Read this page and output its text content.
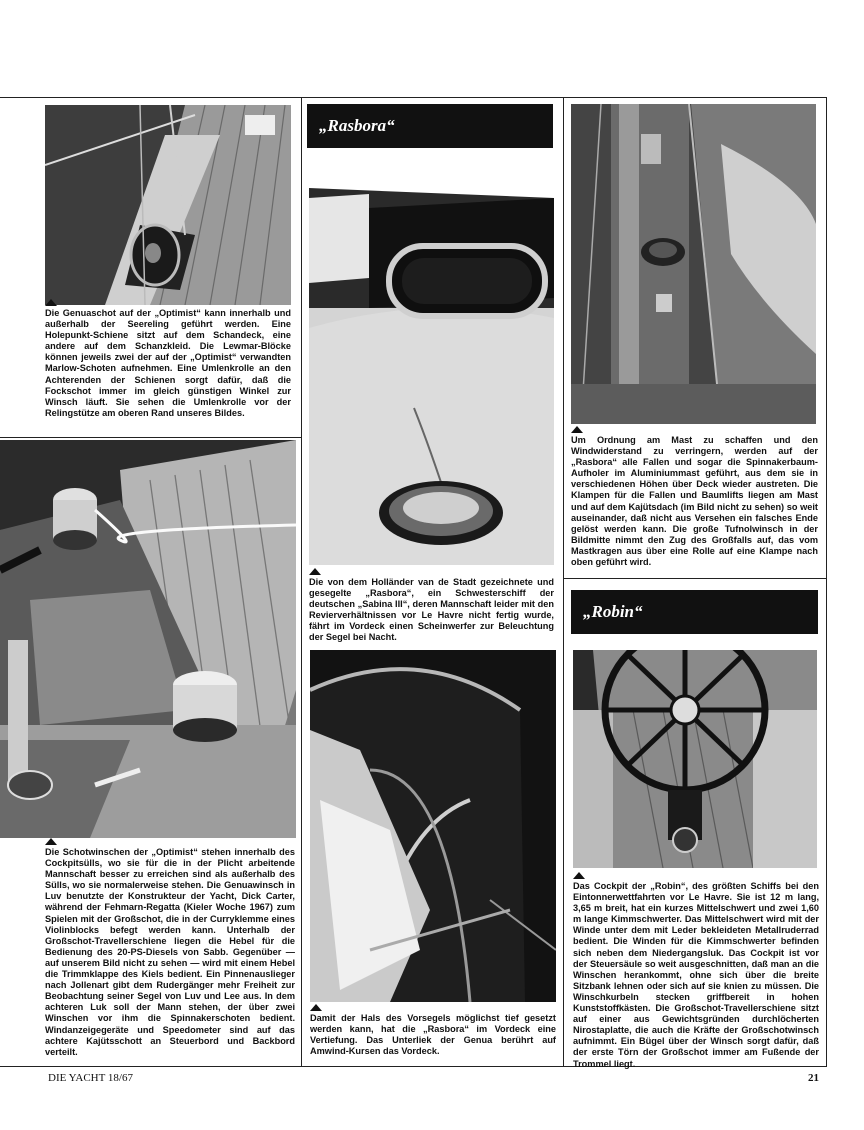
Die Genuaschot auf der „Optimist“ kann innerhalb und außerhalb der Seereling geführt werden. Eine Holepunkt-Schiene sitzt auf dem Schandeck, eine andere auf dem Schanzkleid. Die Lewmar-Blöcke können jeweils zwei der auf der „Optimist“ verwandten Marlow-Schoten aufnehmen. Eine Umlenkrolle an den Achterenden der Schienen sorgt dafür, daß die Fockschot immer im gleich günstigen Winkel zur Winsch läuft. Sie sehen die Umlenkrolle vor der Relingstütze am oberen Rand unseres Bildes.

Die Schotwinschen der „Optimist“ stehen innerhalb des Cockpitsülls, wo sie für die in der Plicht arbeitende Mannschaft besser zu erreichen sind als außerhalb des Sülls, wo sie normalerweise stehen. Die Genuawinsch in Luv benutzte der Konstrukteur der Yacht, Dick Carter, während der Fehmarn-Regatta (Kieler Woche 1967) zum Spielen mit der Großschot, die in der Curryklemme eines Violinblocks befegt werden kann. Unterhalb der Großschot-Travellerschiene liegen die Hebel für die Bedienung des 20-PS-Diesels von Sabb. Gegenüber — auf unserem Bild nicht zu sehen — wird mit einem Hebel die Trimmklappe des Kiels bedient. Ein Pinnenauslieger nach Jollenart gibt dem Rudergänger mehr Freiheit zur Beobachtung seiner Segel von Luv und Lee aus. In dem achteren Luk soll der Mann stehen, der über zwei Winschen vor ihm die Spinnakerschoten bedient. Windanzeigegeräte und Speedometer sind auf das achtere Kajütsschott an Steuerbord und Backbord verteilt.

„Rasbora“

Die von dem Holländer van de Stadt gezeichnete und gesegelte „Rasbora“, ein Schwesterschiff der deutschen „Sabina III“, deren Mannschaft leider mit den Revierverhältnissen vor Le Havre nicht fertig wurde, fährt im Vordeck einen Scheinwerfer zur Beleuchtung der Segel bei Nacht.

Damit der Hals des Vorsegels möglichst tief gesetzt werden kann, hat die „Rasbora“ im Vordeck eine Vertiefung. Das Unterliek der Genua berührt auf Amwind-Kursen das Vordeck.

Um Ordnung am Mast zu schaffen und den Windwiderstand zu verringern, werden auf der „Rasbora“ alle Fallen und sogar die Spinnakerbaum-Aufholer im Aluminiummast geführt, aus dem sie in verschiedenen Höhen über Deck wieder austreten. Die Klampen für die Fallen und Baumlifts liegen am Mast und auf dem Kajütsdach (im Bild nicht zu sehen) so weit auseinander, daß nicht aus Versehen ein falsches Ende gelöst werden kann. Die große Tufnolwinsch in der Bildmitte nimmt den Zug des Großfalls auf, das vom Mastkragen aus über eine Rolle auf eine Klampe nach oben geführt wird.

„Robin“

Das Cockpit der „Robin“, des größten Schiffs bei den Eintonnerwettfahrten vor Le Havre. Sie ist 12 m lang, 3,65 m breit, hat ein kurzes Mittelschwert und zwei 1,60 m lange Kimmschwerter. Das Mittelschwert wird mit der Winde unter dem mit Leder bekleideten Metallruderrad bedient. Die Winden für die Kimmschwerter befinden sich neben dem Niedergangsluk. Das Cockpit ist vor der Steuersäule so weit ausgeschnitten, daß man an die Winschen herankommt, ohne sich über die breite Sitzbank lehnen oder sich auf sie knien zu müssen. Die Winschkurbeln stecken griffbereit in hohen Kunststoffkästen. Die Großschot-Travellerschiene sitzt auf einer aus Gewichtsgründen durchlöcherten Nirostaplatte, die auch die Kräfte der Großschotwinsch aufnimmt. Ein Bügel über der Winsch sorgt dafür, daß der erste Törn der Großschot immer am Fußende der Trommel liegt.

DIE YACHT 18/67	21
